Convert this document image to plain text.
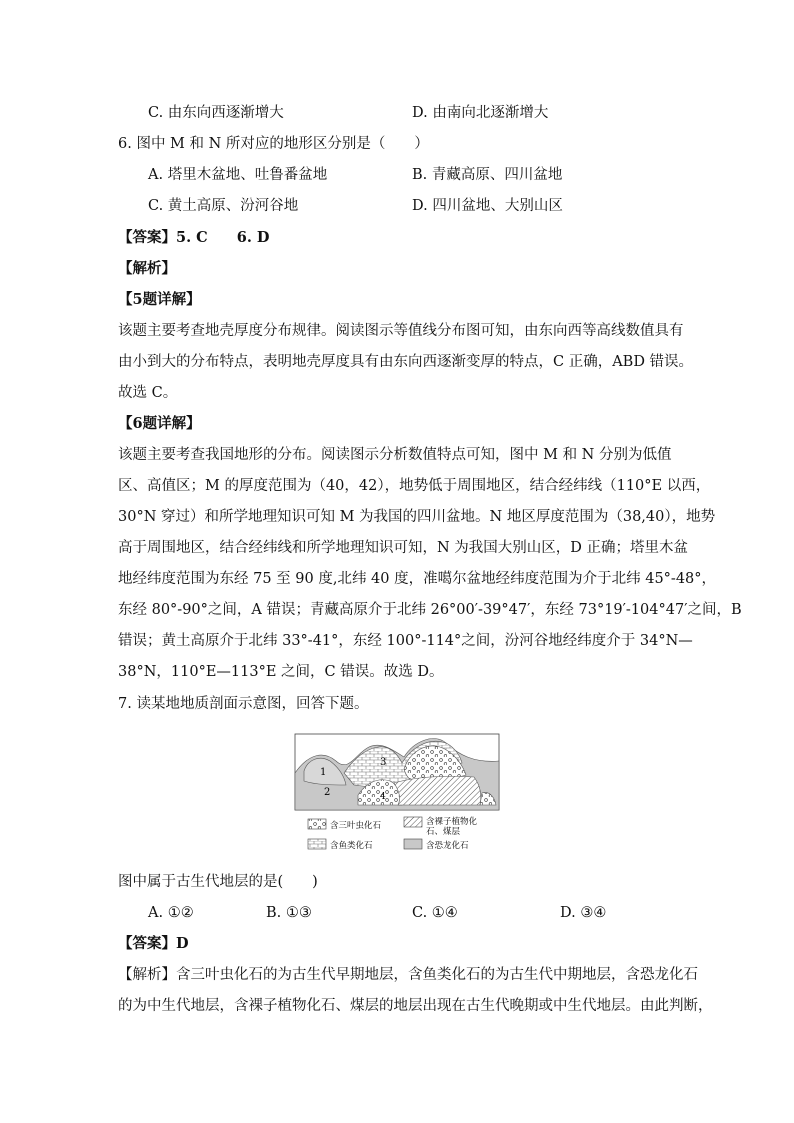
C. 由东向西逐渐增大	D. 由南向北逐渐增大
6. 图中 M 和 N 所对应的地形区分别是（　　）
A. 塔里木盆地、吐鲁番盆地	B. 青藏高原、四川盆地
C. 黄土高原、汾河谷地	D. 四川盆地、大别山区
【答案】5. C　　6. D
【解析】
【5题详解】
该题主要考查地壳厚度分布规律。阅读图示等值线分布图可知，由东向西等高线数值具有
由小到大的分布特点，表明地壳厚度具有由东向西逐渐变厚的特点，C 正确，ABD 错误。
故选 C。
【6题详解】
该题主要考查我国地形的分布。阅读图示分析数值特点可知，图中 M 和 N 分别为低值
区、高值区；M 的厚度范围为（40，42），地势低于周围地区，结合经纬线（110°E 以西，
30°N 穿过）和所学地理知识可知 M 为我国的四川盆地。N 地区厚度范围为（38,40），地势
高于周围地区，结合经纬线和所学地理知识可知，N 为我国大别山区，D 正确；塔里木盆
地经纬度范围为东经 75 至 90 度,北纬 40 度，准噶尔盆地经纬度范围为介于北纬 45°-48°，
东经 80°-90°之间，A 错误；青藏高原介于北纬 26°00′-39°47′，东经 73°19′-104°47′之间，B
错误；黄土高原介于北纬 33°-41°，东经 100°-114°之间，汾河谷地经纬度介于 34°N—
38°N，110°E—113°E 之间，C 错误。故选 D。
7. 读某地地质剖面示意图，回答下题。
1
2
3
4
含三叶虫化石	含裸子植物化
石、煤层
含鱼类化石	含恐龙化石
图中属于古生代地层的是(　　)
A. ①②	B. ①③	C. ①④	D. ③④
【答案】D
【解析】含三叶虫化石的为古生代早期地层，含鱼类化石的为古生代中期地层，含恐龙化石
的为中生代地层，含裸子植物化石、煤层的地层出现在古生代晚期或中生代地层。由此判断，
